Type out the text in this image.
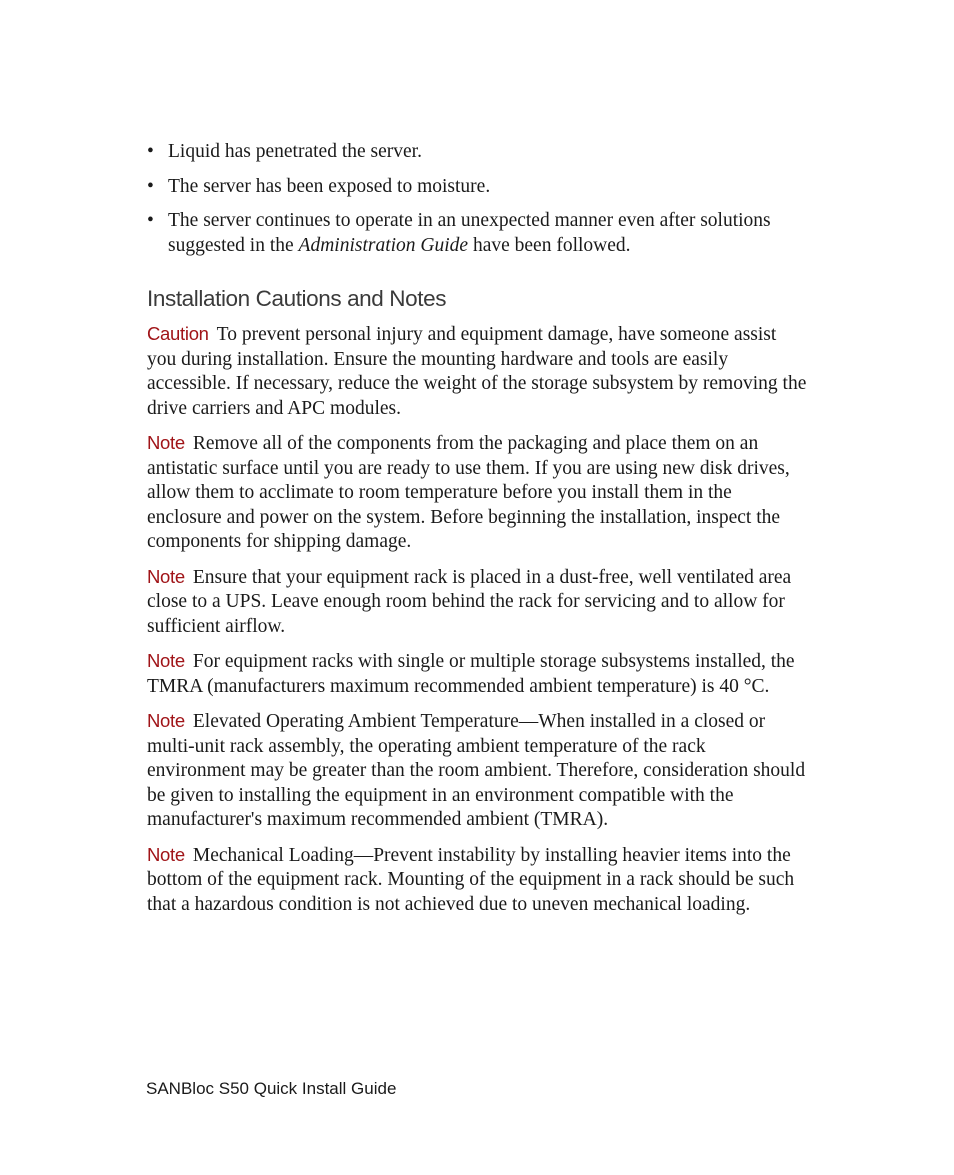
• Liquid has penetrated the server.
• The server has been exposed to moisture.
• The server continues to operate in an unexpected manner even after solutions suggested in the Administration Guide have been followed.
Installation Cautions and Notes

Caution To prevent personal injury and equipment damage, have someone assist you during installation. Ensure the mounting hardware and tools are easily accessible. If necessary, reduce the weight of the storage subsystem by removing the drive carriers and APC modules.

Note Remove all of the components from the packaging and place them on an antistatic surface until you are ready to use them. If you are using new disk drives, allow them to acclimate to room temperature before you install them in the enclosure and power on the system. Before beginning the installation, inspect the components for shipping damage.

Note Ensure that your equipment rack is placed in a dust-free, well ventilated area close to a UPS. Leave enough room behind the rack for servicing and to allow for sufficient airflow.

Note For equipment racks with single or multiple storage subsystems installed, the TMRA (manufacturers maximum recommended ambient temperature) is 40 °C.

Note Elevated Operating Ambient Temperature—When installed in a closed or multi-unit rack assembly, the operating ambient temperature of the rack environment may be greater than the room ambient. Therefore, consideration should be given to installing the equipment in an environment compatible with the manufacturer's maximum recommended ambient (TMRA).

Note Mechanical Loading—Prevent instability by installing heavier items into the bottom of the equipment rack. Mounting of the equipment in a rack should be such that a hazardous condition is not achieved due to uneven mechanical loading.

SANBloc S50 Quick Install Guide
